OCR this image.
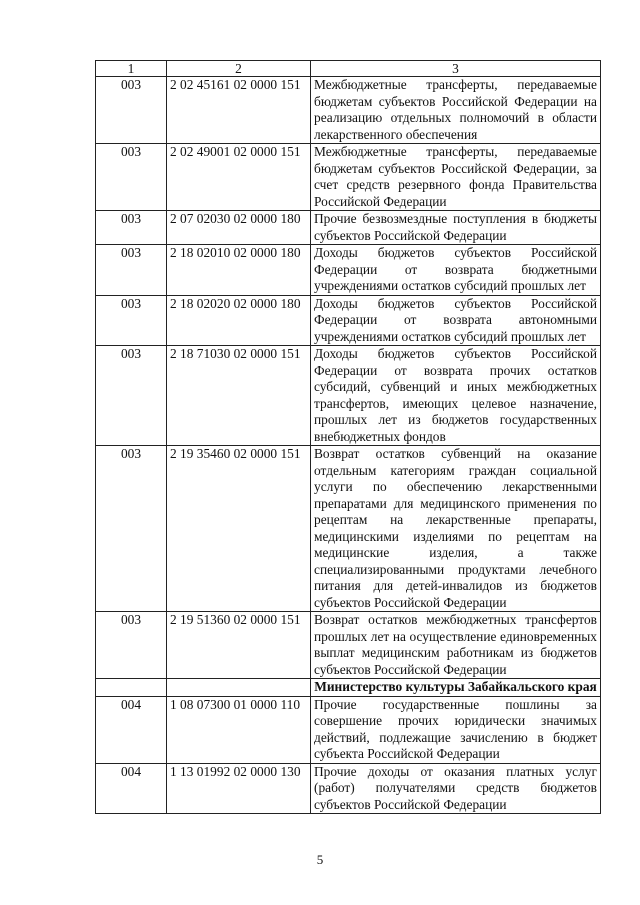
1	2	3
003	2 02 45161 02 0000 151	Межбюджетные трансферты, передаваемые бюджетам субъектов Российской Федерации на реализацию отдельных полномочий в области лекарственного обеспечения
003	2 02 49001 02 0000 151	Межбюджетные трансферты, передаваемые бюджетам субъектов Российской Федерации, за счет средств резервного фонда Правительства Российской Федерации
003	2 07 02030 02 0000 180	Прочие безвозмездные поступления в бюджеты субъектов Российской Федерации
003	2 18 02010 02 0000 180	Доходы бюджетов субъектов Российской Федерации от возврата бюджетными учреждениями остатков субсидий прошлых лет
003	2 18 02020 02 0000 180	Доходы бюджетов субъектов Российской Федерации от возврата автономными учреждениями остатков субсидий прошлых лет
003	2 18 71030 02 0000 151	Доходы бюджетов субъектов Российской Федерации от возврата прочих остатков субсидий, субвенций и иных межбюджетных трансфертов, имеющих целевое назначение, прошлых лет из бюджетов государственных внебюджетных фондов
003	2 19 35460 02 0000 151	Возврат остатков субвенций на оказание отдельным категориям граждан социальной услуги по обеспечению лекарственными препаратами для медицинского применения по рецептам на лекарственные препараты, медицинскими изделиями по рецептам на медицинские изделия, а также специализированными продуктами лечебного питания для детей-инвалидов из бюджетов субъектов Российской Федерации
003	2 19 51360 02 0000 151	Возврат остатков межбюджетных трансфертов прошлых лет на осуществление единовременных выплат медицинским работникам из бюджетов субъектов Российской Федерации
		Министерство культуры Забайкальского края
004	1 08 07300 01 0000 110	Прочие государственные пошлины за совершение прочих юридически значимых действий, подлежащие зачислению в бюджет субъекта Российской Федерации
004	1 13 01992 02 0000 130	Прочие доходы от оказания платных услуг (работ) получателями средств бюджетов субъектов Российской Федерации
5
